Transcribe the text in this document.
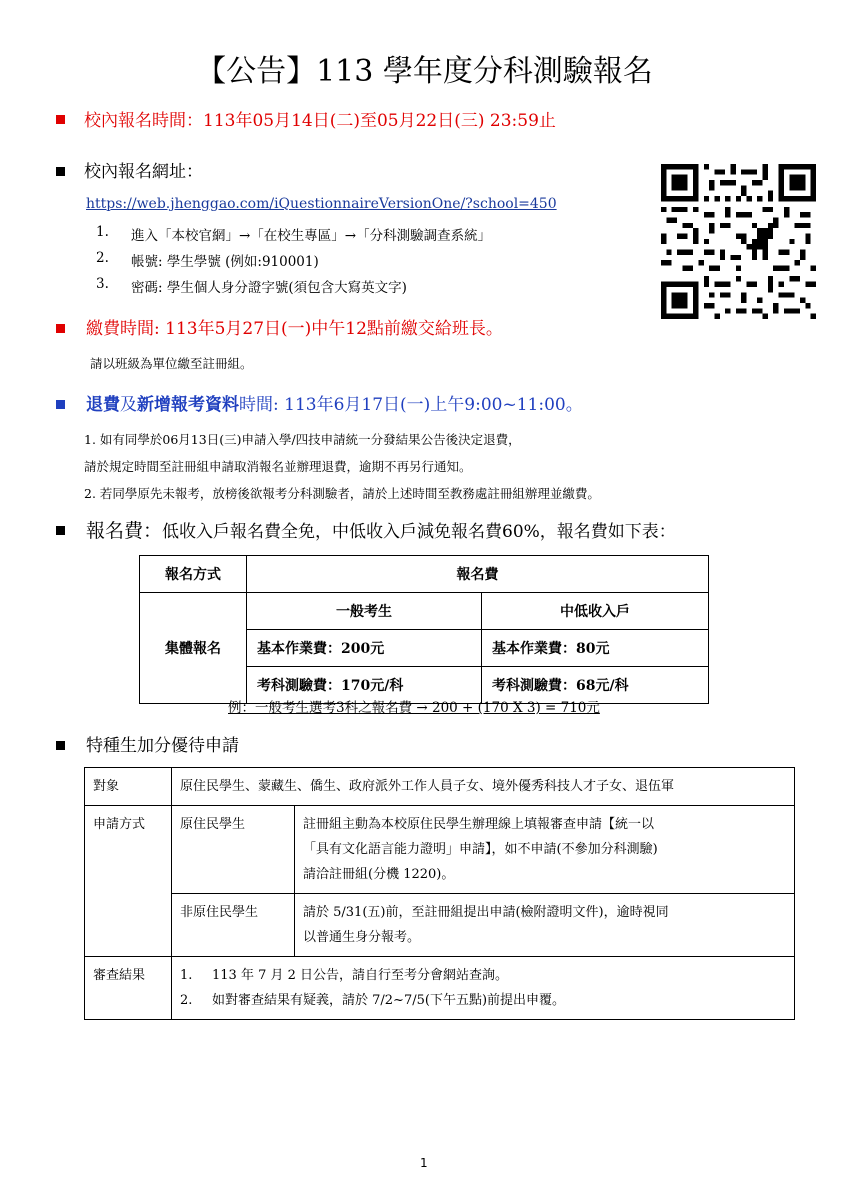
【公告】113 學年度分科測驗報名
校內報名時間：113年05月14日(二)至05月22日(三) 23:59止
校內報名網址：
https://web.jhenggao.com/iQuestionnaireVersionOne/?school=450
1. 進入「本校官網」→「在校生專區」→「分科測驗調查系統」
2. 帳號: 學生學號 (例如:910001)
3. 密碼: 學生個人身分證字號(須包含大寫英文字)
繳費時間: 113年5月27日(一)中午12點前繳交給班長。
請以班級為單位繳至註冊組。
退費及新增報考資料時間: 113年6月17日(一)上午9:00~11:00。
1. 如有同學於06月13日(三)申請入學/四技申請統一分發結果公告後決定退費，
請於規定時間至註冊組申請取消報名並辦理退費，逾期不再另行通知。
2. 若同學原先未報考，放榜後欲報考分科測驗者，請於上述時間至教務處註冊組辦理並繳費。
報名費：低收入戶報名費全免，中低收入戶減免報名費60%，報名費如下表：
報名方式	報名費	
集體報名	一般考生	中低收入戶
	基本作業費：200元	基本作業費：80元
	考科測驗費：170元/科	考科測驗費：68元/科
例：一般考生選考3科之報名費 → 200 + (170 X 3) = 710元
特種生加分優待申請
對象	原住民學生、蒙藏生、僑生、政府派外工作人員子女、境外優秀科技人才子女、退伍軍	
申請方式	原住民學生	註冊組主動為本校原住民學生辦理線上填報審查申請【統一以
「具有文化語言能力證明」申請】，如不申請(不參加分科測驗)
請洽註冊組(分機 1220)。

	非原住民學生	請於 5/31(五)前，至註冊組提出申請(檢附證明文件)，逾時視同
以普通生身分報考。

審查結果	1. 113 年 7 月 2 日公告，請自行至考分會網站查詢。
2. 如對審查結果有疑義，請於 7/2~7/5(下午五點)前提出申覆。	
1
